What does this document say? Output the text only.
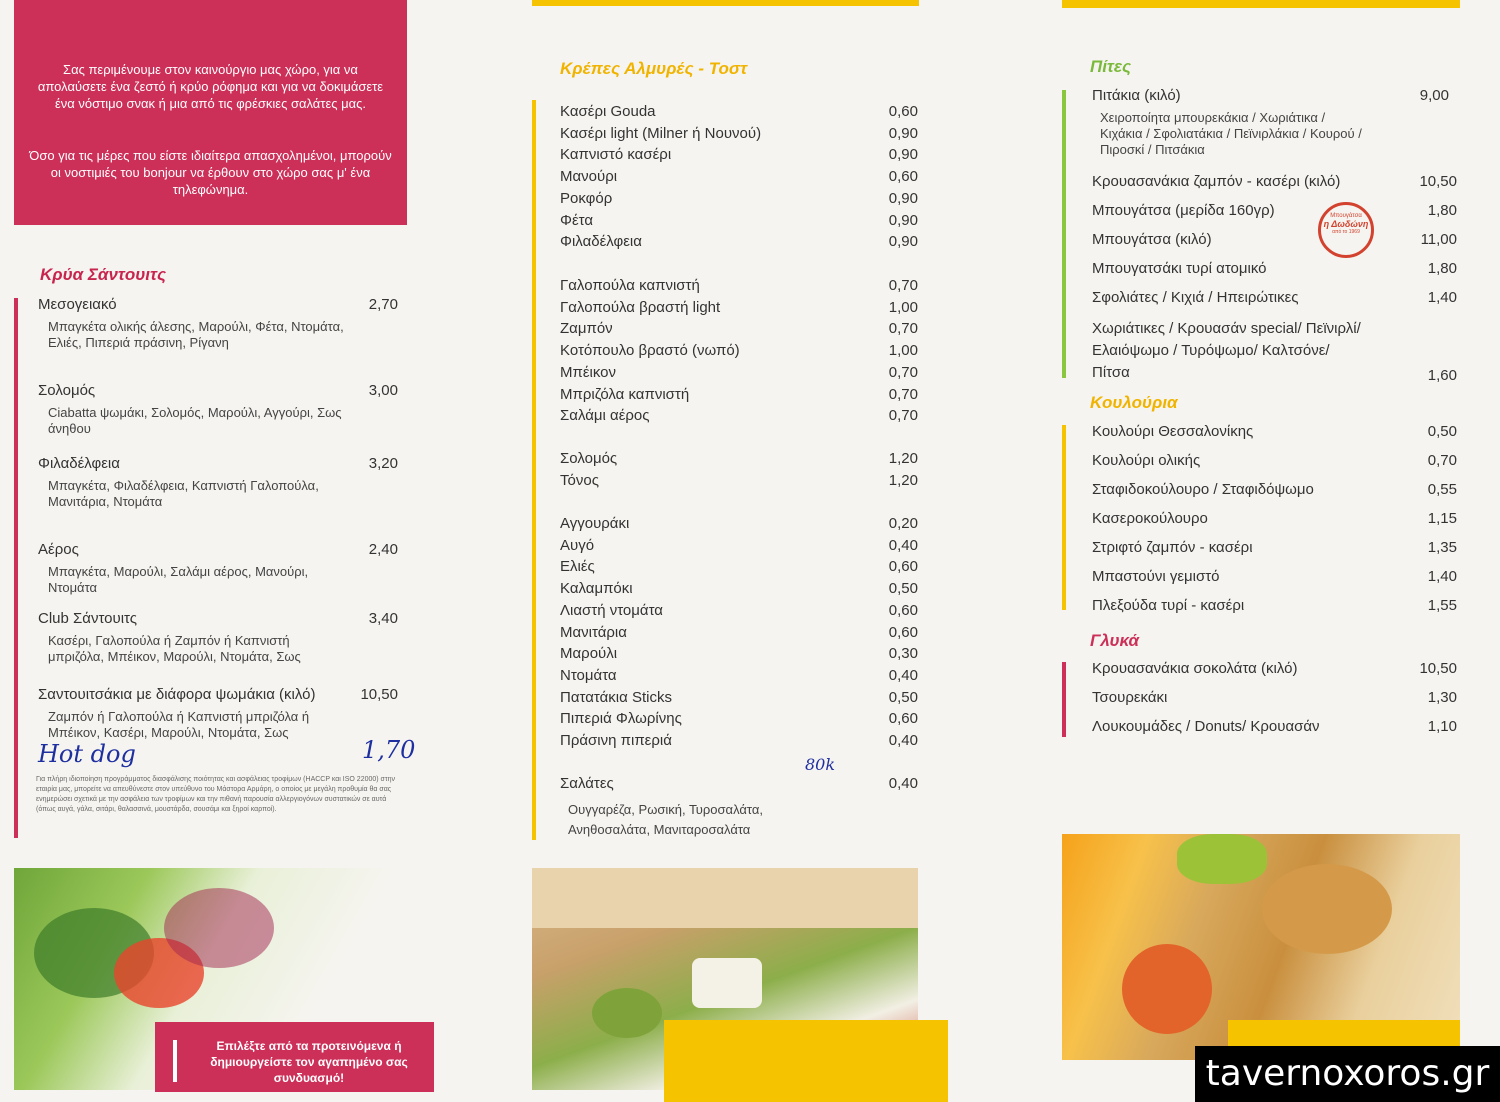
Σας περιμένουμε στον καινούργιο μας χώρο, για να απολαύσετε ένα ζεστό ή κρύο ρόφημα και για να δοκιμάσετε ένα νόστιμο σνακ ή μια από τις φρέσκιες σαλάτες μας.

Όσο για τις μέρες που είστε ιδιαίτερα απασχολημένοι, μπορούν οι νοστιμιές του bonjour να έρθουν στο χώρο σας μ' ένα τηλεφώνημα.

Κρύα Σάντουιτς
Μεσογειακό	2,70
Μπαγκέτα ολικής άλεσης, Μαρούλι, Φέτα, Ντομάτα, Ελιές, Πιπεριά πράσινη, Ρίγανη
Σολομός	3,00
Ciabatta ψωμάκι, Σολομός, Μαρούλι, Αγγούρι, Σως άνηθου
Φιλαδέλφεια	3,20
Μπαγκέτα, Φιλαδέλφεια, Καπνιστή Γαλοπούλα, Μανιτάρια, Ντομάτα
Αέρος	2,40
Μπαγκέτα, Μαρούλι, Σαλάμι αέρος, Μανούρι, Ντομάτα
Club Σάντουιτς	3,40
Κασέρι, Γαλοπούλα ή Ζαμπόν ή Καπνιστή μπριζόλα, Μπέικον, Μαρούλι, Ντομάτα, Σως
Σαντουιτσάκια με διάφορα ψωμάκια (κιλό)	10,50
Ζαμπόν ή Γαλοπούλα ή Καπνιστή μπριζόλα ή Μπέικον, Κασέρι, Μαρούλι, Ντομάτα, Σως
Hot dog	1,70
Για πλήρη ιδιοποίηση προγράμματος διασφάλισης ποιότητας και ασφάλειας τροφίμων (HACCP και ISO 22000) στην εταιρία μας, μπορείτε να απευθύνεστε στον υπεύθυνο του Μάστορα Αρμάρη, ο οποίος με μεγάλη προθυμία θα σας ενημερώσει σχετικά με την ασφάλεια των τροφίμων και την πιθανή παρουσία αλλεργιογόνων συστατικών σε αυτά (όπως αυγά, γάλα, σιτάρι, θαλασσινά, μουστάρδα, σουσάμι και ξηροί καρποί).
Επιλέξτε από τα προτεινόμενα ή δημιουργείστε τον αγαπημένο σας συνδυασμό!
Κρέπες Αλμυρές - Τοστ
Κασέρι Gouda	0,60
Κασέρι light (Milner ή Νουνού)	0,90
Καπνιστό κασέρι	0,90
Μανούρι	0,60
Ροκφόρ	0,90
Φέτα	0,90
Φιλαδέλφεια	0,90
Γαλοπούλα καπνιστή	0,70
Γαλοπούλα βραστή light	1,00
Ζαμπόν	0,70
Κοτόπουλο βραστό (νωπό)	1,00
Μπέικον	0,70
Μπριζόλα καπνιστή	0,70
Σαλάμι αέρος	0,70
Σολομός	1,20
Τόνος	1,20
Αγγουράκι	0,20
Αυγό	0,40
Ελιές	0,60
Καλαμπόκι	0,50
Λιαστή ντομάτα	0,60
Μανιτάρια	0,60
Μαρούλι	0,30
Ντομάτα	0,40
Πατατάκια Sticks	0,50
Πιπεριά Φλωρίνης	0,60
Πράσινη πιπεριά	0,40
80k
Σαλάτες	0,40
Ουγγαρέζα, Ρωσική, Τυροσαλάτα, Ανηθοσαλάτα, Μανιταροσαλάτα
Πίτες
Πιτάκια (κιλό)	9,00
Χειροποίητα μπουρεκάκια / Χωριάτικα / Κιχάκια / Σφολιατάκια / Πεϊνιρλάκια / Κουρού / Πιροσκί / Πιτσάκια
Κρουασανάκια ζαμπόν - κασέρι (κιλό)	10,50
Μπουγάτσα (μερίδα 160γρ)	1,80
Μπουγάτσα (κιλό)	11,00
Μπουγατσάκι τυρί ατομικό	1,80
Σφολιάτες / Κιχιά / Ηπειρώτικες	1,40
Χωριάτικες / Κρουασάν special/ Πεϊνιρλί/Ελαιόψωμο / Τυρόψωμο/ Καλτσόνε/Πίτσα	1,60
Μπουγάτσα
η Δωδώνη
από το 1969
Κουλούρια
Κουλούρι Θεσσαλονίκης	0,50
Κουλούρι ολικής	0,70
Σταφιδοκούλουρο / Σταφιδόψωμο	0,55
Κασεροκούλουρο	1,15
Στριφτό ζαμπόν - κασέρι	1,35
Μπαστούνι γεμιστό	1,40
Πλεξούδα τυρί - κασέρι	1,55
Γλυκά
Κρουασανάκια σοκολάτα (κιλό)	10,50
Τσουρεκάκι	1,30
Λουκουμάδες / Donuts/ Κρουασάν	1,10
tavernoxoros.gr
